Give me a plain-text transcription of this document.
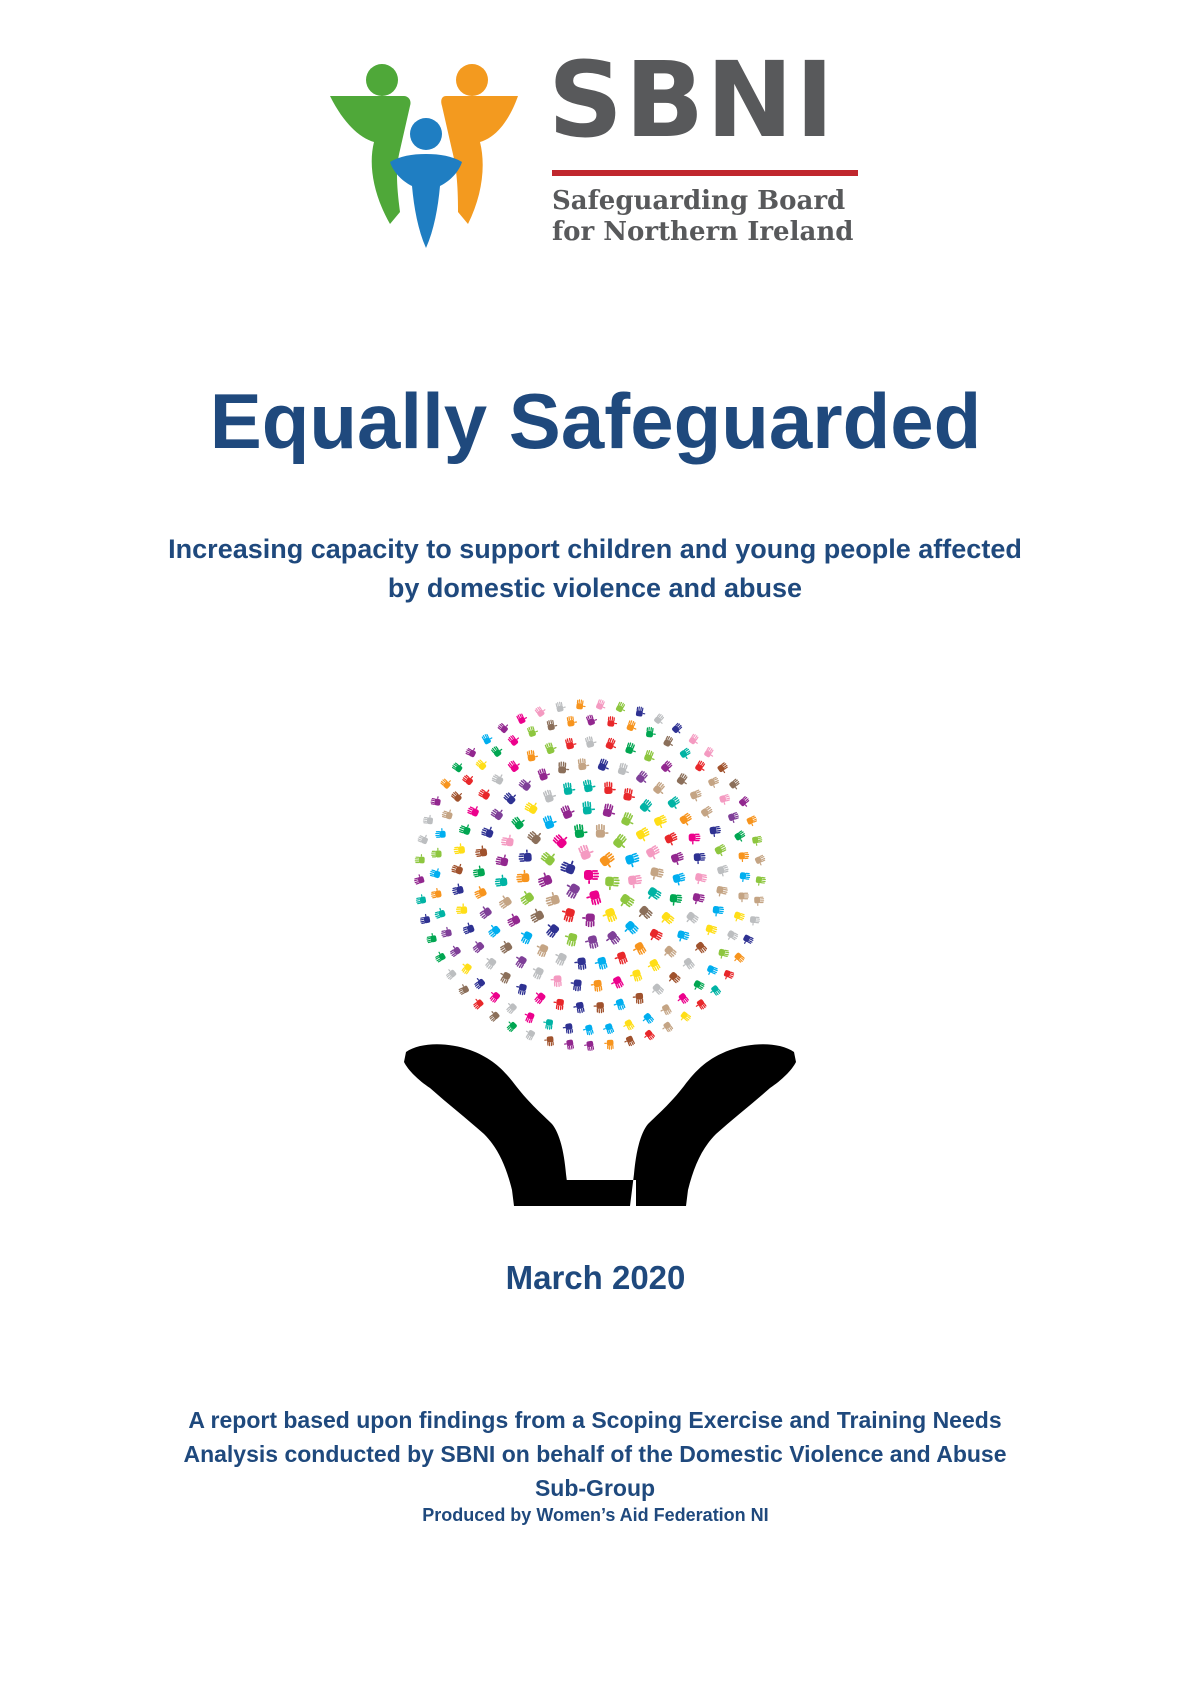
SBNI
Safeguarding Board
for Northern Ireland
Equally Safeguarded
Increasing capacity to support children and young people affected
by domestic violence and abuse
March 2020
A report based upon findings from a Scoping Exercise and Training Needs
Analysis conducted by SBNI on behalf of the Domestic Violence and Abuse
Sub-Group
Produced by Women’s Aid Federation NI
